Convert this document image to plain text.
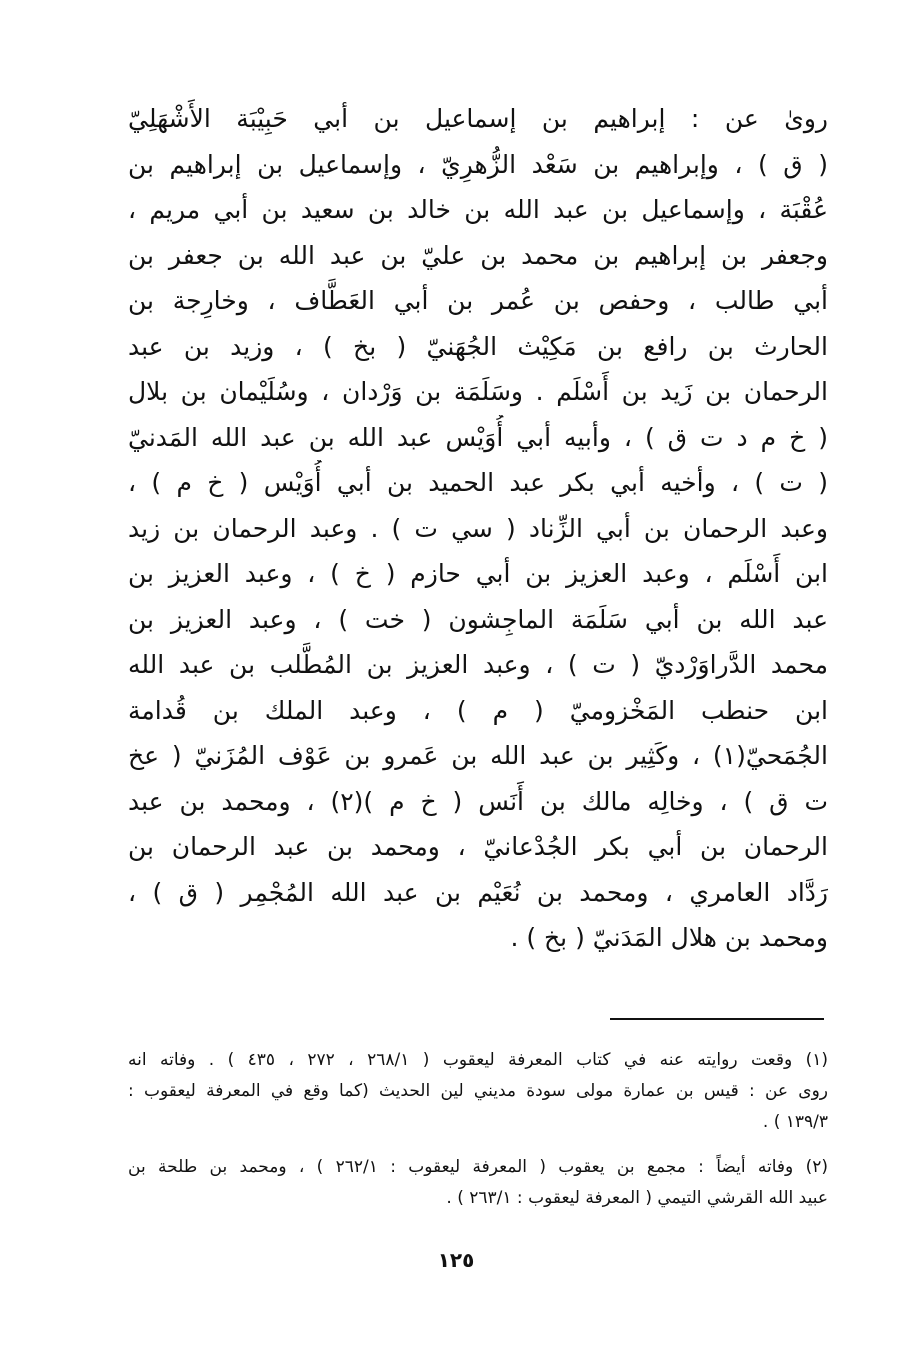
رویٰ عن : إبراهيم بن إسماعيل بن أبي حَبِيْبَة الأَشْهَلِيّ
( ق ) ، وإبراهيم بن سَعْد الزُّهرِيّ ، وإسماعيل بن إبراهيم بن
عُقْبَة ، وإسماعيل بن عبد الله بن خالد بن سعيد بن أبي مريم ،
وجعفر بن إبراهيم بن محمد بن عليّ بن عبد الله بن جعفر بن
أبي طالب ، وحفص بن عُمر بن أبي العَطَّاف ، وخارِجة بن
الحارث بن رافع بن مَكِيْث الجُهَنيّ ( بخ ) ، وزيد بن عبد
الرحمان بن زَيد بن أَسْلَم . وسَلَمَة بن وَرْدان ، وسُلَيْمان بن بلال
( خ م د ت ق ) ، وأبيه أبي أُوَيْس عبد الله بن عبد الله المَدنيّ
( ت ) ، وأخيه أبي بكر عبد الحميد بن أبي أُوَيْس ( خ م ) ،
وعبد الرحمان بن أبي الزِّناد ( سي ت ) . وعبد الرحمان بن زيد
ابن أَسْلَم ، وعبد العزيز بن أبي حازم ( خ ) ، وعبد العزيز بن
عبد الله بن أبي سَلَمَة الماجِشون ( خت ) ، وعبد العزيز بن
محمد الدَّراوَرْديّ ( ت ) ، وعبد العزيز بن المُطَّلب بن عبد الله
ابن حنطب المَخْزوميّ ( م ) ، وعبد الملك بن قُدامة
الجُمَحيّ(١) ، وكَثِير بن عبد الله بن عَمرو بن عَوْف المُزَنيّ ( عخ
ت ق ) ، وخالِه مالك بن أَنَس ( خ م )(٢) ، ومحمد بن عبد
الرحمان بن أبي بكر الجُدْعانيّ ، ومحمد بن عبد الرحمان بن
رَدَّاد العامري ، ومحمد بن نُعَيْم بن عبد الله المُجْمِر ( ق ) ،
ومحمد بن هلال المَدَنيّ ( بخ ) .
(١) وقعت روايته عنه في كتاب المعرفة ليعقوب ( ٢٦٨/١ ، ٢٧٢ ، ٤٣٥ ) . وفاته انه
روى عن : قيس بن عمارة مولى سودة مديني لين الحديث (كما وقع في المعرفة ليعقوب :
١٣٩/٣ ) .
(٢) وفاته أيضاً : مجمع بن يعقوب ( المعرفة ليعقوب : ٢٦٢/١ ) ، ومحمد بن طلحة بن
عبيد الله القرشي التيمي ( المعرفة ليعقوب : ٢٦٣/١ ) .
١٢٥
